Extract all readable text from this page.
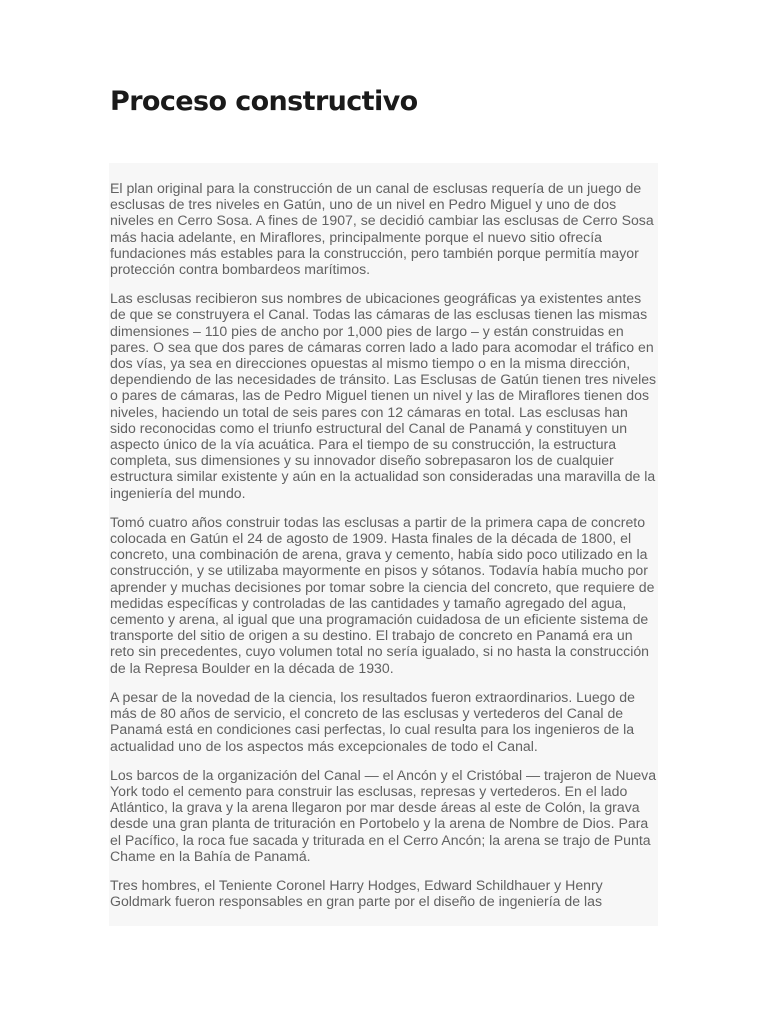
Proceso constructivo

El plan original para la construcción de un canal de esclusas requería de un juego de esclusas de tres niveles en Gatún, uno de un nivel en Pedro Miguel y uno de dos niveles en Cerro Sosa. A fines de 1907, se decidió cambiar las esclusas de Cerro Sosa más hacia adelante, en Miraflores, principalmente porque el nuevo sitio ofrecía fundaciones más estables para la construcción, pero también porque permitía mayor protección contra bombardeos marítimos.

Las esclusas recibieron sus nombres de ubicaciones geográficas ya existentes antes de que se construyera el Canal. Todas las cámaras de las esclusas tienen las mismas dimensiones – 110 pies de ancho por 1,000 pies de largo – y están construidas en pares. O sea que dos pares de cámaras corren lado a lado para acomodar el tráfico en dos vías, ya sea en direcciones opuestas al mismo tiempo o en la misma dirección, dependiendo de las necesidades de tránsito. Las Esclusas de Gatún tienen tres niveles o pares de cámaras, las de Pedro Miguel tienen un nivel y las de Miraflores tienen dos niveles, haciendo un total de seis pares con 12 cámaras en total. Las esclusas han sido reconocidas como el triunfo estructural del Canal de Panamá y constituyen un aspecto único de la vía acuática. Para el tiempo de su construcción, la estructura completa, sus dimensiones y su innovador diseño sobrepasaron los de cualquier estructura similar existente y aún en la actualidad son consideradas una maravilla de la ingeniería del mundo.

Tomó cuatro años construir todas las esclusas a partir de la primera capa de concreto colocada en Gatún el 24 de agosto de 1909. Hasta finales de la década de 1800, el concreto, una combinación de arena, grava y cemento, había sido poco utilizado en la construcción, y se utilizaba mayormente en pisos y sótanos. Todavía había mucho por aprender y muchas decisiones por tomar sobre la ciencia del concreto, que requiere de medidas específicas y controladas de las cantidades y tamaño agregado del agua, cemento y arena, al igual que una programación cuidadosa de un eficiente sistema de transporte del sitio de origen a su destino. El trabajo de concreto en Panamá era un reto sin precedentes, cuyo volumen total no sería igualado, si no hasta la construcción de la Represa Boulder en la década de 1930.

A pesar de la novedad de la ciencia, los resultados fueron extraordinarios. Luego de más de 80 años de servicio, el concreto de las esclusas y vertederos del Canal de Panamá está en condiciones casi perfectas, lo cual resulta para los ingenieros de la actualidad uno de los aspectos más excepcionales de todo el Canal.

Los barcos de la organización del Canal — el Ancón y el Cristóbal — trajeron de Nueva York todo el cemento para construir las esclusas, represas y vertederos. En el lado Atlántico, la grava y la arena llegaron por mar desde áreas al este de Colón, la grava desde una gran planta de trituración en Portobelo y la arena de Nombre de Dios. Para el Pacífico, la roca fue sacada y triturada en el Cerro Ancón; la arena se trajo de Punta Chame en la Bahía de Panamá.

Tres hombres, el Teniente Coronel Harry Hodges, Edward Schildhauer y Henry Goldmark fueron responsables en gran parte por el diseño de ingeniería de las
